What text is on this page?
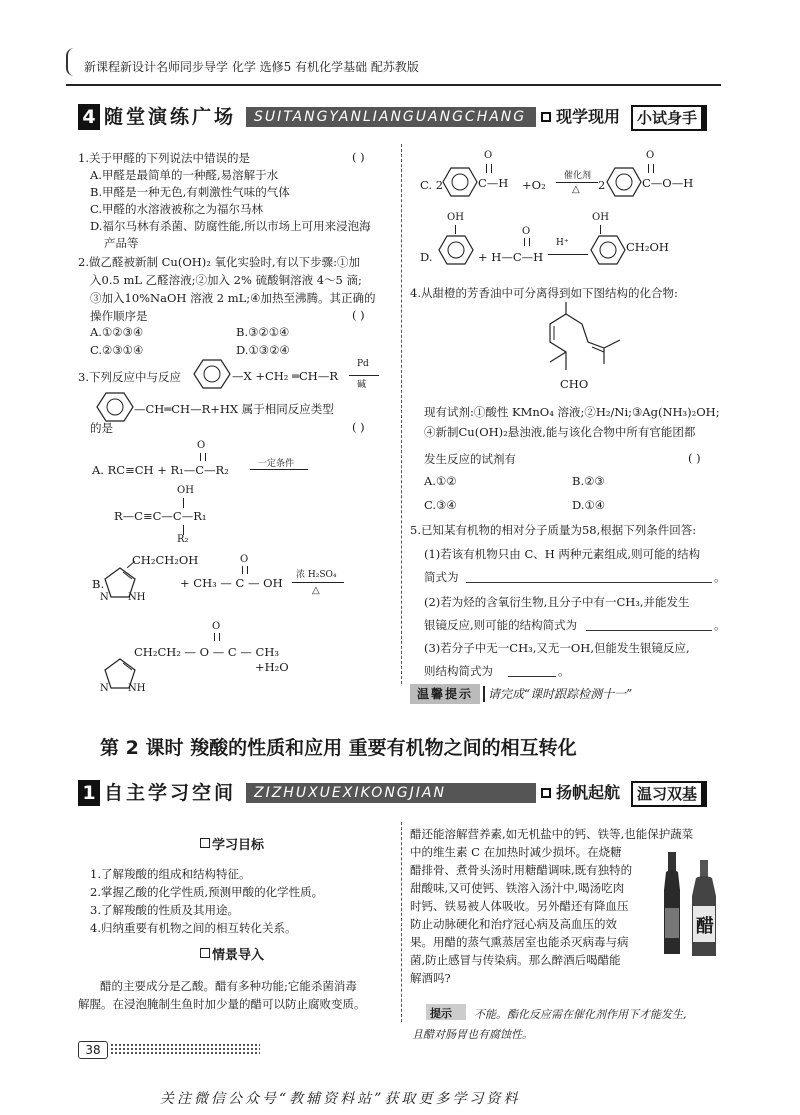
新课程新设计名师同步导学 化学 选修5 有机化学基础 配苏教版
4 随堂演练广场	SUITANGYANLIANGUANGCHANG	现学现用	小试身手
1.关于甲醛的下列说法中错误的是	( )
A.甲醛是最简单的一种醛,易溶解于水
B.甲醛是一种无色,有刺激性气味的气体
C.甲醛的水溶液被称之为福尔马林
D.福尔马林有杀菌、防腐性能,所以市场上可用来浸泡海
产品等
2.做乙醛被新制 Cu(OH)₂ 氧化实验时,有以下步骤:①加
入0.5 mL 乙醛溶液;②加入 2% 硫酸铜溶液 4～5 滴;
③加入10%NaOH 溶液 2 mL;④加热至沸腾。其正确的
操作顺序是	( )
A.①②③④	B.③②①④
C.②③①④	D.①③②④
3.下列反应中与反应	—X +CH₂ ═CH—R
Pd
碱
—CH═CH—R+HX 属于相同反应类型
的是	( )
O
A. RC≡CH + R₁—C—R₂	一定条件
OH
R—C≡C—C—R₁
R₂
B.
N NH
CH₂CH₂OH	O
+ CH₃ — C — OH
浓 H₂SO₄
△
O
CH₂CH₂ — O — C — CH₃
+H₂O
N NH
C. 2
O
C—H +O₂
催化剂
△ 2
O
C—O—H
OH
D.
O
+ H—C—H
H⁺
OH
CH₂OH
4.从甜橙的芳香油中可分离得到如下图结构的化合物:
CHO
现有试剂:①酸性 KMnO₄ 溶液;②H₂/Ni;③Ag(NH₃)₂OH;
④新制Cu(OH)₂悬浊液,能与该化合物中所有官能团都
发生反应的试剂有	( )
A.①②	B.②③
C.③④	D.①④
5.已知某有机物的相对分子质量为58,根据下列条件回答:
(1)若该有机物只由 C、H 两种元素组成,则可能的结构
简式为	。
(2)若为烃的含氧衍生物,且分子中有一CH₃,并能发生
银镜反应,则可能的结构简式为	。
(3)若分子中无一CH₃,又无一OH,但能发生银镜反应,
则结构简式为	。
温馨提示	请完成“课时跟踪检测十一”
第 2 课时 羧酸的性质和应用 重要有机物之间的相互转化
1 自主学习空间	ZIZHUXUEXIKONGJIAN	扬帆起航	温习双基
学习目标
1.了解羧酸的组成和结构特征。
2.掌握乙酸的化学性质,预测甲酸的化学性质。
3.了解羧酸的性质及其用途。
4.归纳重要有机物之间的相互转化关系。
情景导入
醋的主要成分是乙酸。醋有多种功能;它能杀菌消毒
解腥。在浸泡腌制生鱼时加少量的醋可以防止腐败变质。
醋还能溶解营养素,如无机盐中的钙、铁等,也能保护蔬菜
中的维生素 C 在加热时减少损坏。在烧糖
醋排骨、煮骨头汤时用糖醋调味,既有独特的
甜酸味,又可使钙、铁溶入汤汁中,喝汤吃肉
时钙、铁易被人体吸收。另外醋还有降血压
防止动脉硬化和治疗冠心病及高血压的效
果。用醋的蒸气熏蒸居室也能杀灭病毒与病
菌,防止感冒与传染病。那么醉酒后喝醋能
解酒吗?
醋
提示 不能。酯化反应需在催化剂作用下才能发生,
且醋对肠胃也有腐蚀性。
38
关注微信公众号“教辅资料站”获取更多学习资料
